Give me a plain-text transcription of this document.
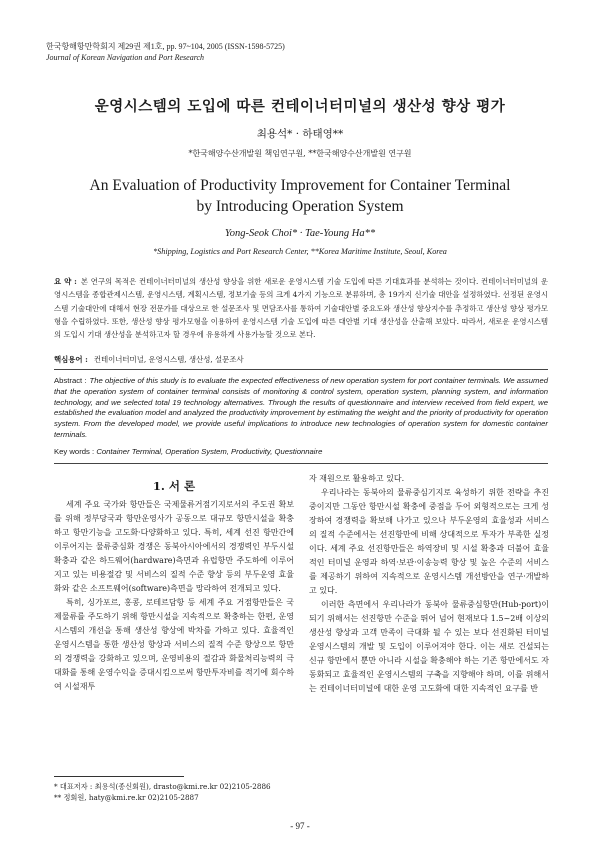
한국항해항만학회지 제29권 제1호, pp. 97~104, 2005 (ISSN-1598-5725)
Journal of Korean Navigation and Port Research
운영시스템의 도입에 따른 컨테이너터미널의 생산성 향상 평가
최용석* · 하태영**
*한국해양수산개발원 책임연구원, **한국해양수산개발원 연구원
An Evaluation of Productivity Improvement for Container Terminal
by Introducing Operation System
Yong-Seok Choi* · Tae-Young Ha**
*Shipping, Logistics and Port Research Center, **Korea Maritime Institute, Seoul, Korea
요 약 : 본 연구의 목적은 컨테이너터미널의 생산성 향상을 위한 새로운 운영시스템 기술 도입에 따른 기대효과를 분석하는 것이다. 컨테이너터미널의 운영시스템을 종합관제시스템, 운영시스템, 계획시스템, 정보기술 등의 크게 4가지 기능으로 분류하며, 총 19가지 신기술 대안을 설정하였다. 선정된 운영시스템 기술대안에 대해서 현장 전문가를 대상으로 한 설문조사 및 면담조사를 통하여 기술대안별 중요도와 생산성 향상지수를 추정하고 생산성 향상 평가모형을 수립하였다. 또한, 생산성 향상 평가모형을 이용하여 운영시스템 기술 도입에 따른 대안별 기대 생산성을 산출해 보았다. 따라서, 새로운 운영시스템의 도입시 기대 생산성을 분석하고자 할 경우에 유용하게 사용가능할 것으로 본다.
핵심용어 : 컨테이너터미널, 운영시스템, 생산성, 설문조사
Abstract : The objective of this study is to evaluate the expected effectiveness of new operation system for port container terminals. We assumed that the operation system of container terminal consists of monitoring & control system, operation system, planning system, and information technology, and we selected total 19 technology alternatives. Through the results of questionnaire and interview received from field expert, we established the evaluation model and analyzed the productivity improvement by estimating the weight and the priority of productivity for operation system. From the developed model, we provide useful implications to introduce new technologies of operation system for domestic container terminals.
Key words : Container Terminal, Operation System, Productivity, Questionnaire
1. 서 론

세계 주요 국가와 항만들은 국제물류거점기지로서의 주도권 확보를 위해 정부당국과 항만운영사가 공동으로 대규모 항만시설을 확충하고 항만기능을 고도화·다양화하고 있다. 특히, 세계 선진 항만간에 이루어지는 물류중심화 경쟁은 동북아시아에서의 경쟁력인 부두시설 확충과 같은 하드웨어(hardware)측면과 유럽항만 주도하에 이루어지고 있는 비용절감 및 서비스의 질적 수준 향상 등의 부두운영 효율화와 같은 소프트웨어(software)측면을 망라하여 전개되고 있다.

특히, 싱가포르, 홍콩, 로테르담항 등 세계 주요 거점항만들은 국제물류를 주도하기 위해 항만시설을 지속적으로 확충하는 한편, 운영시스템의 개선을 통해 생산성 향상에 박차를 가하고 있다. 효율적인 운영시스템을 통한 생산성 향상과 서비스의 질적 수준 향상으로 항만의 경쟁력을 강화하고 있으며, 운영비용의 절감과 화물처리능력의 극대화를 통해 운영수익을 증대시킴으로써 항만투자비를 적기에 회수하여 시설재투

자 재원으로 활용하고 있다.

우리나라는 동북아의 물류중심기지로 육성하기 위한 전략을 추진 중이지만 그동안 항만시설 확충에 중점을 두어 외형적으로는 크게 성장하여 경쟁력을 확보해 나가고 있으나 부두운영의 효율성과 서비스의 질적 수준에서는 선진항만에 비해 상대적으로 투자가 부족한 실정이다. 세계 주요 선진항만들은 하역장비 및 시설 확충과 더불어 효율적인 터미널 운영과 하역·보관·이송능력 향상 및 높은 수준의 서비스를 제공하기 위하여 지속적으로 운영시스템 개선방안을 연구·개발하고 있다.

이러한 측면에서 우리나라가 동북아 물류중심항만(Hub-port)이 되기 위해서는 선진항만 수준을 뛰어 넘어 현재보다 1.5~2배 이상의 생산성 향상과 고객 만족이 극대화 될 수 있는 보다 선진화된 터미널 운영시스템의 개발 및 도입이 이루어져야 한다. 이는 새로 건설되는 신규 항만에서 뿐만 아니라 시설을 확충해야 하는 기존 항만에서도 자동화되고 효율적인 운영시스템의 구축을 지향해야 하며, 이를 위해서는 컨테이너터미널에 대한 운영 고도화에 대한 지속적인 요구를 반

* 대표저자 : 최용석(종신회원), drasto@kmi.re.kr 02)2105-2886
** 정회원, haty@kmi.re.kr 02)2105-2887
- 97 -
